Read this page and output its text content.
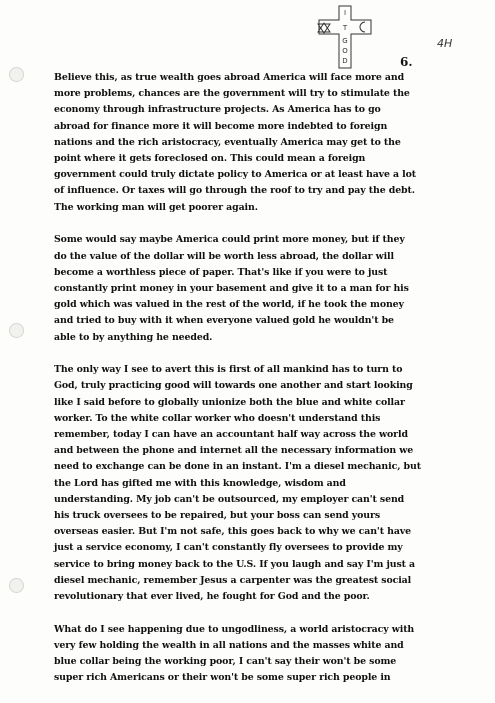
I
T
G
O
D
4H
6.

Believe this, as true wealth goes abroad America will face more and
more problems, chances are the government will try to stimulate the
economy through infrastructure projects. As America has to go
abroad for finance more it will become more indebted to foreign
nations and the rich aristocracy, eventually America may get to the
point where it gets foreclosed on. This could mean a foreign
government could truly dictate policy to America or at least have a lot
of influence. Or taxes will go through the roof to try and pay the debt.
The working man will get poorer again.

Some would say maybe America could print more money, but if they
do the value of the dollar will be worth less abroad, the dollar will
become a worthless piece of paper. That's like if you were to just
constantly print money in your basement and give it to a man for his
gold which was valued in the rest of the world, if he took the money
and tried to buy with it when everyone valued gold he wouldn't be
able to by anything he needed.

The only way I see to avert this is first of all mankind has to turn to
God, truly practicing good will towards one another and start looking
like I said before to globally unionize both the blue and white collar
worker. To the white collar worker who doesn't understand this
remember, today I can have an accountant half way across the world
and between the phone and internet all the necessary information we
need to exchange can be done in an instant. I'm a diesel mechanic, but
the Lord has gifted me with this knowledge, wisdom and
understanding. My job can't be outsourced, my employer can't send
his truck oversees to be repaired, but your boss can send yours
overseas easier. But I'm not safe, this goes back to why we can't have
just a service economy, I can't constantly fly oversees to provide my
service to bring money back to the U.S. If you laugh and say I'm just a
diesel mechanic, remember Jesus a carpenter was the greatest social
revolutionary that ever lived, he fought for God and the poor.

What do I see happening due to ungodliness, a world aristocracy with
very few holding the wealth in all nations and the masses white and
blue collar being the working poor, I can't say their won't be some
super rich Americans or their won't be some super rich people in
